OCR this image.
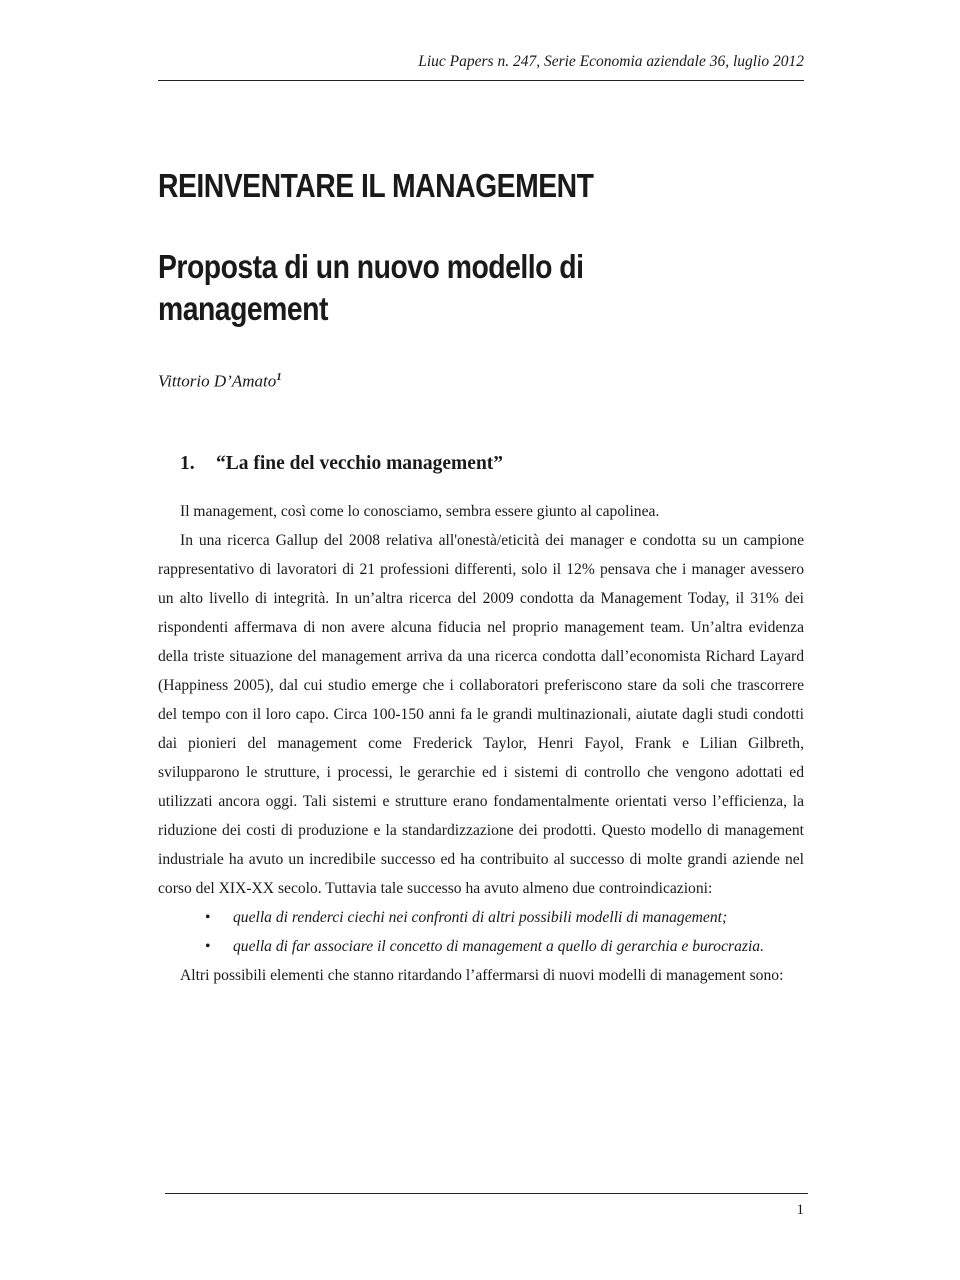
Liuc Papers n. 247, Serie Economia aziendale 36, luglio 2012
REINVENTARE IL MANAGEMENT
Proposta di un nuovo modello di management
Vittorio D’Amato$^1$
1. “La fine del vecchio management”

Il management, così come lo conosciamo, sembra essere giunto al capolinea.

In una ricerca Gallup del 2008 relativa all'onestà/eticità dei manager e condotta su un campione rappresentativo di lavoratori di 21 professioni differenti, solo il 12% pensava che i manager avessero un alto livello di integrità. In un’altra ricerca del 2009 condotta da Management Today, il 31% dei rispondenti affermava di non avere alcuna fiducia nel proprio management team. Un’altra evidenza della triste situazione del management arriva da una ricerca condotta dall’economista Richard Layard (Happiness 2005), dal cui studio emerge che i collaboratori preferiscono stare da soli che trascorrere del tempo con il loro capo. Circa 100-150 anni fa le grandi multinazionali, aiutate dagli studi condotti dai pionieri del management come Frederick Taylor, Henri Fayol, Frank e Lilian Gilbreth, svilupparono le strutture, i processi, le gerarchie ed i sistemi di controllo che vengono adottati ed utilizzati ancora oggi. Tali sistemi e strutture erano fondamentalmente orientati verso l’efficienza, la riduzione dei costi di produzione e la standardizzazione dei prodotti. Questo modello di management industriale ha avuto un incredibile successo ed ha contribuito al successo di molte grandi aziende nel corso del XIX-XX secolo. Tuttavia tale successo ha avuto almeno due controindicazioni:

• quella di renderci ciechi nei confronti di altri possibili modelli di management;
• quella di far associare il concetto di management a quello di gerarchia e burocrazia.

Altri possibili elementi che stanno ritardando l’affermarsi di nuovi modelli di management sono:

1
